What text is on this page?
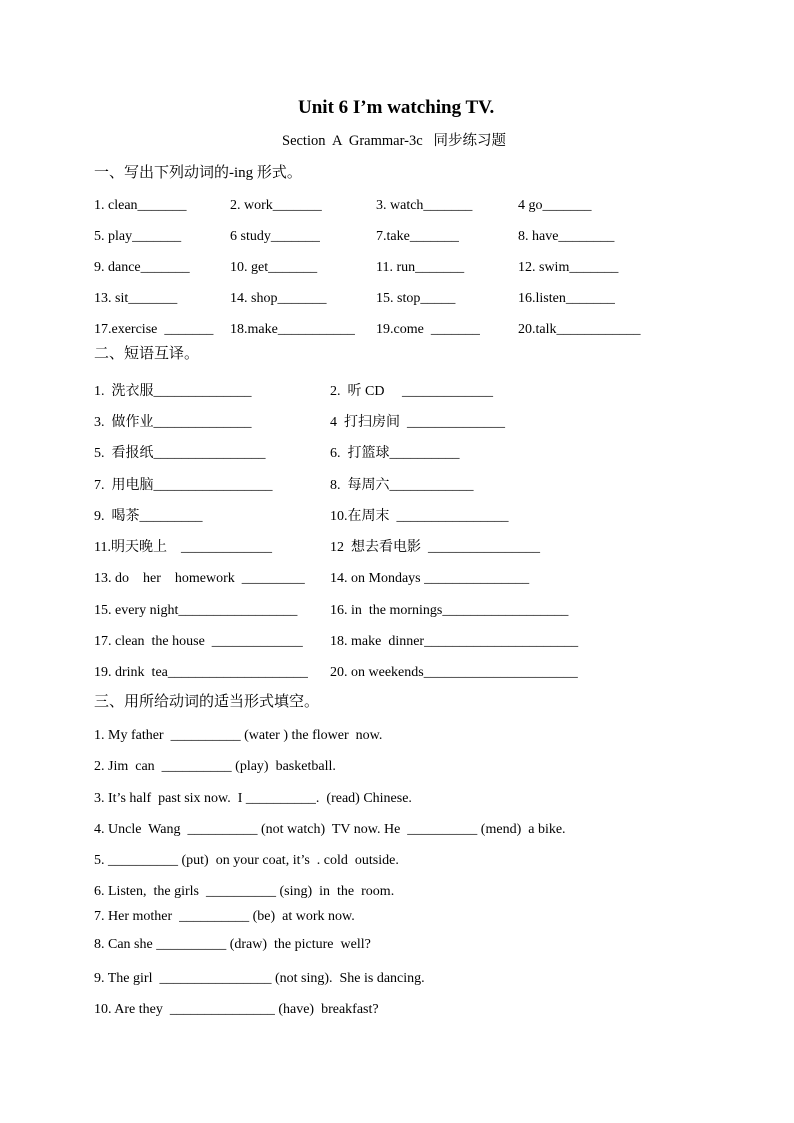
Unit 6 I’m watching TV.
Section  A  Grammar-3c   同步练习题
一、写出下列动词的-ing 形式。
1. clean_______	2. work_______	3. watch_______	4 go_______
5. play_______	6 study_______	7.take_______	8. have________
9. dance_______	10. get_______	11. run_______	12. swim_______
13. sit_______	14. shop_______	15. stop_____	16.listen_______
17.exercise  _______ 18.make___________ 19.come  _______	20.talk____________
二、短语互译。
1.  洗衣服______________	2.  听 CD     _____________
3.  做作业______________	4  打扫房间  ______________
5.  看报纸________________	6.  打篮球__________
7.  用电脑_________________	8.  每周六____________
9.  喝茶_________	10.在周末  ________________
11.明天晚上    _____________	12  想去看电影  ________________
13. do    her    homework  _________ 14. on Mondays _______________
15. every night_________________ 16. in  the mornings__________________
17. clean  the house  _____________ 18. make  dinner______________________
19. drink  tea____________________ 20. on weekends______________________
三、用所给动词的适当形式填空。
1. My father  __________ (water ) the flower  now.
2. Jim  can  __________ (play)  basketball.
3. It’s half  past six now.  I __________.  (read) Chinese.
4. Uncle  Wang  __________ (not watch)  TV now. He  __________ (mend)  a bike.
5. __________ (put)  on your coat, it’s  . cold  outside.
6. Listen,  the girls  __________ (sing)  in  the  room.
7. Her mother  __________ (be)  at work now.
8. Can she __________ (draw)  the picture  well?
9. The girl  ________________ (not sing).  She is dancing.
10. Are they  _______________ (have)  breakfast?
